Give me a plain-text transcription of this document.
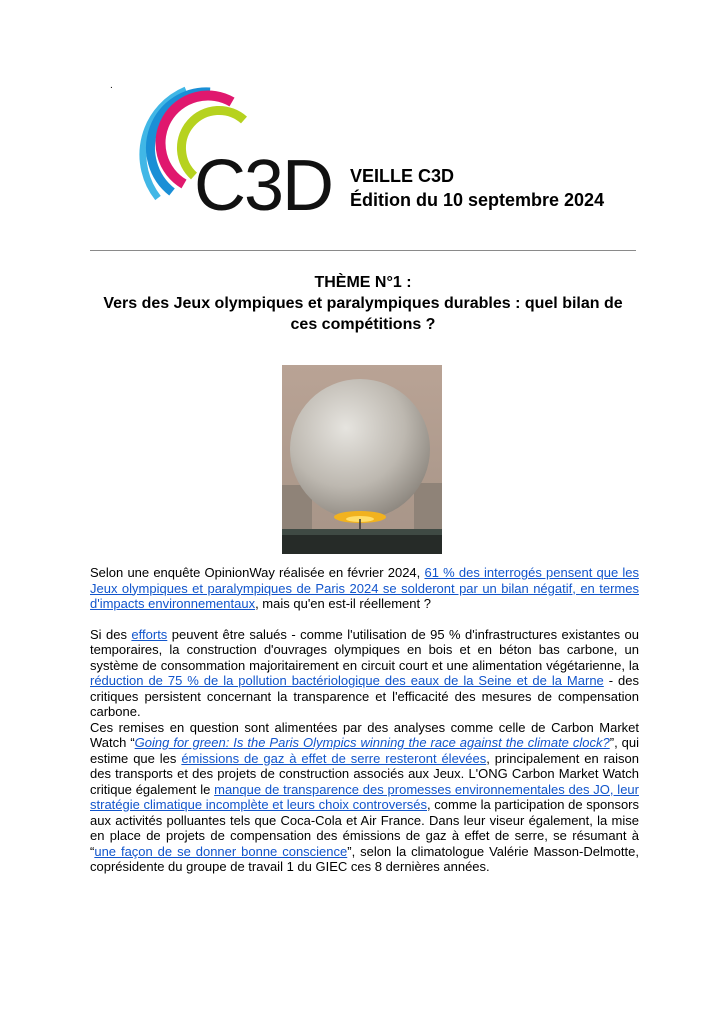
.
C3D VEILLE C3D
Édition du 10 septembre 2024
THÈME N°1 :
Vers des Jeux olympiques et paralympiques durables : quel bilan de ces compétitions ?

Selon une enquête OpinionWay réalisée en février 2024, 61 % des interrogés pensent que les Jeux olympiques et paralympiques de Paris 2024 se solderont par un bilan négatif, en termes d'impacts environnementaux, mais qu'en est-il réellement ?

Si des efforts peuvent être salués - comme l'utilisation de 95 % d'infrastructures existantes ou temporaires, la construction d'ouvrages olympiques en bois et en béton bas carbone, un système de consommation majoritairement en circuit court et une alimentation végétarienne, la réduction de 75 % de la pollution bactériologique des eaux de la Seine et de la Marne - des critiques persistent concernant la transparence et l'efficacité des mesures de compensation carbone.

Ces remises en question sont alimentées par des analyses comme celle de Carbon Market Watch “Going for green: Is the Paris Olympics winning the race against the climate clock?”, qui estime que les émissions de gaz à effet de serre resteront élevées, principalement en raison des transports et des projets de construction associés aux Jeux. L'ONG Carbon Market Watch critique également le manque de transparence des promesses environnementales des JO, leur stratégie climatique incomplète et leurs choix controversés, comme la participation de sponsors aux activités polluantes tels que Coca-Cola et Air France. Dans leur viseur également, la mise en place de projets de compensation des émissions de gaz à effet de serre, se résumant à “une façon de se donner bonne conscience”, selon la climatologue Valérie Masson-Delmotte, coprésidente du groupe de travail 1 du GIEC ces 8 dernières années.
